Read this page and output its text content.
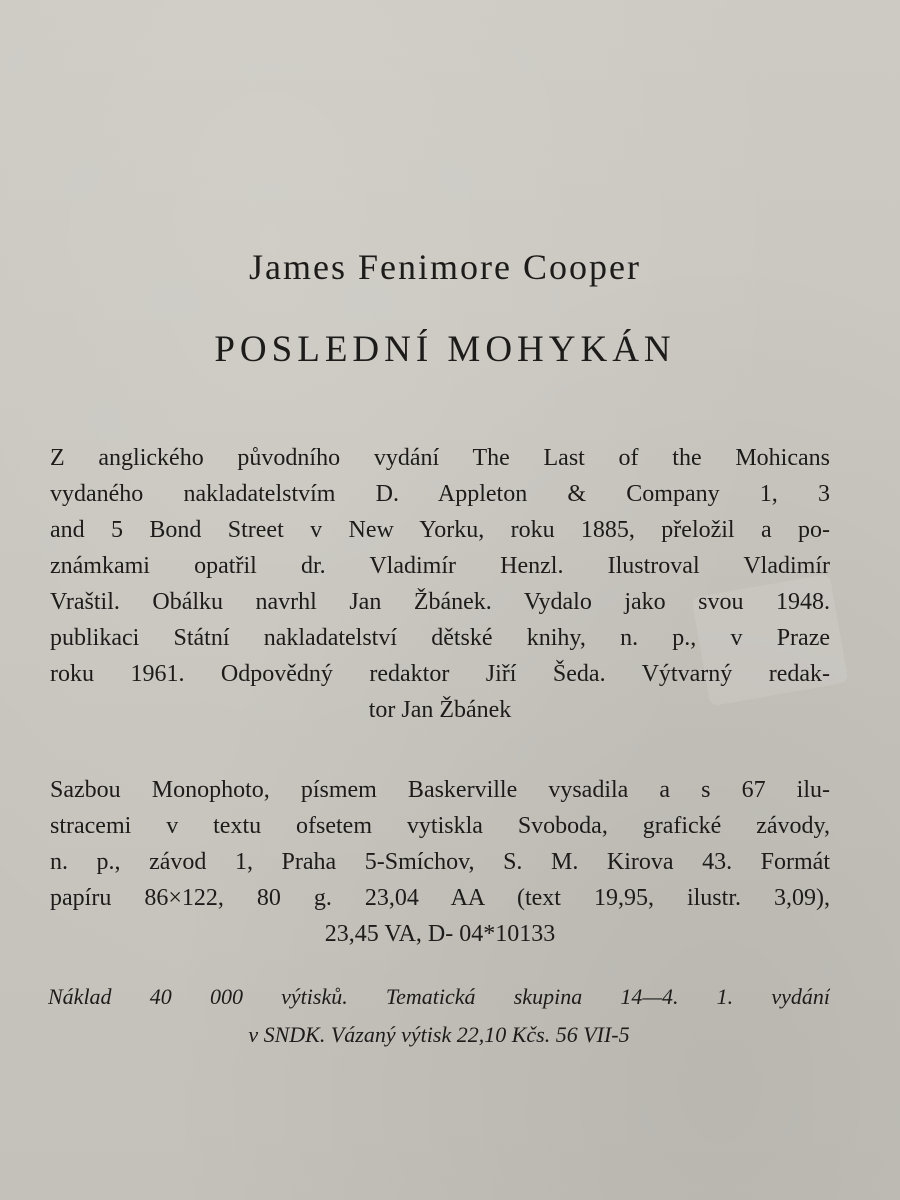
James Fenimore Cooper
POSLEDNÍ MOHYKÁN
Z anglického původního vydání The Last of the Mohicans
vydaného nakladatelstvím D. Appleton & Company 1, 3
and 5 Bond Street v New Yorku, roku 1885, přeložil a po-
známkami opatřil dr. Vladimír Henzl. Ilustroval Vladimír
Vraštil. Obálku navrhl Jan Žbánek. Vydalo jako svou 1948.
publikaci Státní nakladatelství dětské knihy, n. p., v Praze
roku 1961. Odpovědný redaktor Jiří Šeda. Výtvarný redak-
tor Jan Žbánek
Sazbou Monophoto, písmem Baskerville vysadila a s 67 ilu-
stracemi v textu ofsetem vytiskla Svoboda, grafické závody,
n. p., závod 1, Praha 5-Smíchov, S. M. Kirova 43. Formát
papíru 86×122, 80 g. 23,04 AA (text 19,95, ilustr. 3,09),
23,45 VA, D- 04*10133
Náklad 40 000 výtisků. Tematická skupina 14—4. 1. vydání
v SNDK. Vázaný výtisk 22,10 Kčs. 56 VII-5
